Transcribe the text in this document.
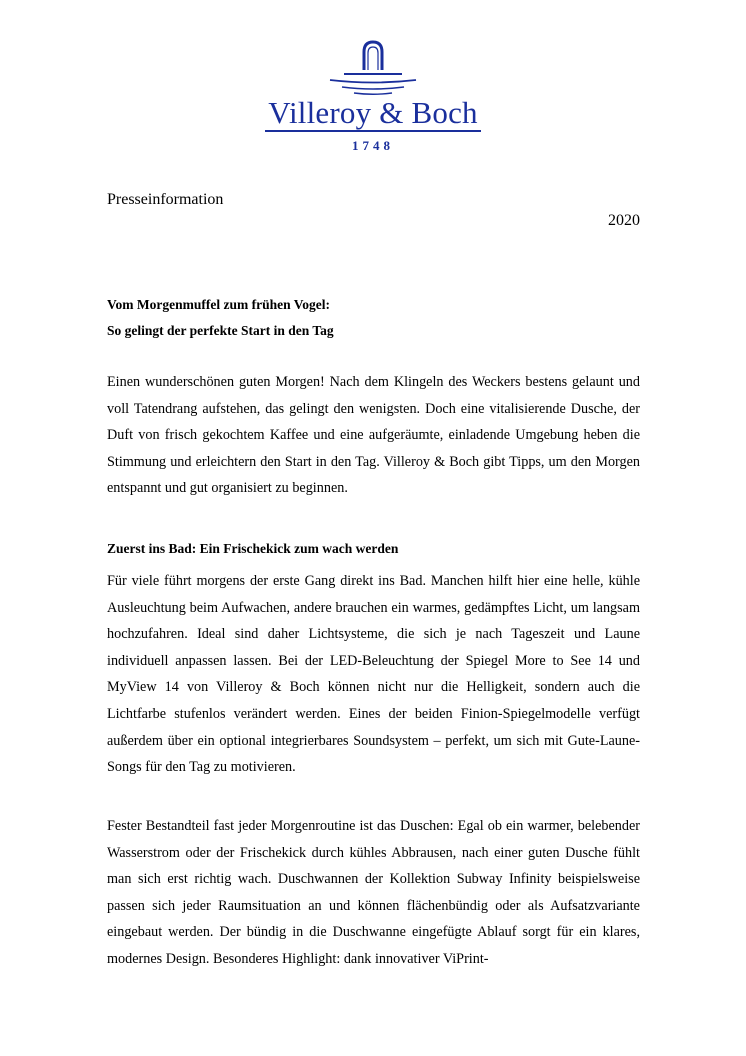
Villeroy & Boch
1748
Presseinformation
2020
Vom Morgenmuffel zum frühen Vogel:
So gelingt der perfekte Start in den Tag

Einen wunderschönen guten Morgen! Nach dem Klingeln des Weckers bestens gelaunt und voll Tatendrang aufstehen, das gelingt den wenigsten. Doch eine vitalisierende Dusche, der Duft von frisch gekochtem Kaffee und eine aufgeräumte, einladende Umgebung heben die Stimmung und erleichtern den Start in den Tag. Villeroy & Boch gibt Tipps, um den Morgen entspannt und gut organisiert zu beginnen.

Zuerst ins Bad: Ein Frischekick zum wach werden

Für viele führt morgens der erste Gang direkt ins Bad. Manchen hilft hier eine helle, kühle Ausleuchtung beim Aufwachen, andere brauchen ein warmes, gedämpftes Licht, um langsam hochzufahren. Ideal sind daher Lichtsysteme, die sich je nach Tageszeit und Laune individuell anpassen lassen. Bei der LED-Beleuchtung der Spiegel More to See 14 und MyView 14 von Villeroy & Boch können nicht nur die Helligkeit, sondern auch die Lichtfarbe stufenlos verändert werden. Eines der beiden Finion-Spiegelmodelle verfügt außerdem über ein optional integrierbares Soundsystem – perfekt, um sich mit Gute-Laune-Songs für den Tag zu motivieren.

Fester Bestandteil fast jeder Morgenroutine ist das Duschen: Egal ob ein warmer, belebender Wasserstrom oder der Frischekick durch kühles Abbrausen, nach einer guten Dusche fühlt man sich erst richtig wach. Duschwannen der Kollektion Subway Infinity beispielsweise passen sich jeder Raumsituation an und können flächenbündig oder als Aufsatzvariante eingebaut werden. Der bündig in die Duschwanne eingefügte Ablauf sorgt für ein klares, modernes Design. Besonderes Highlight: dank innovativer ViPrint-
